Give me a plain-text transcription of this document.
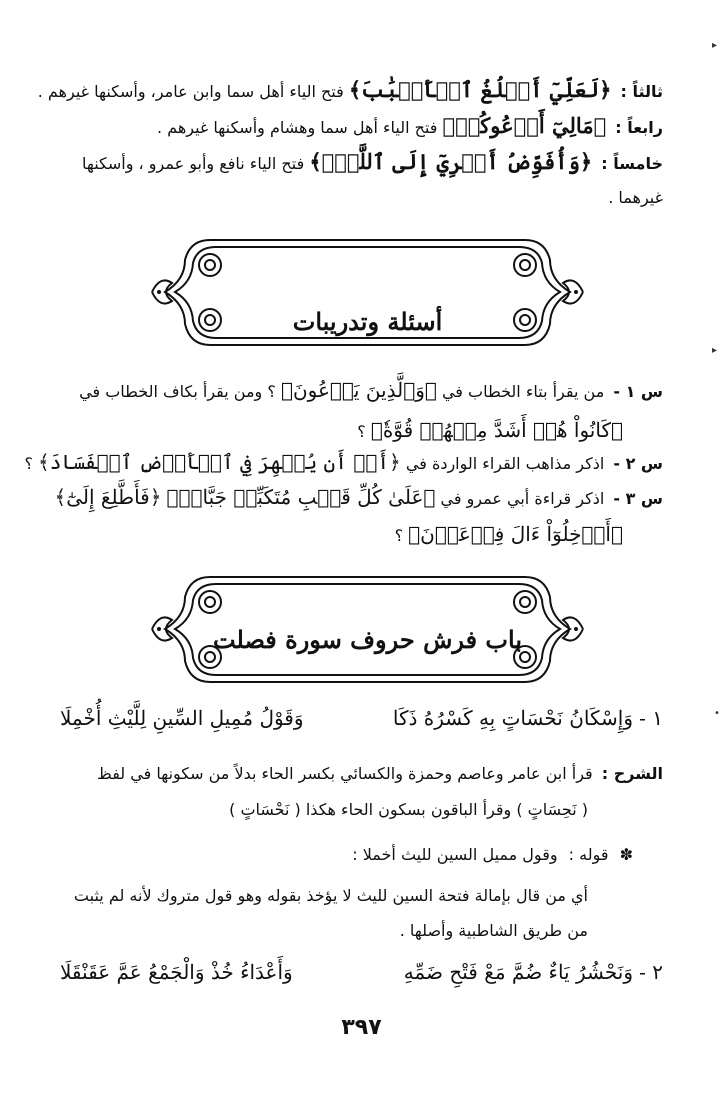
▸
▸
•
ثالثاً : ﴿لَعَلِّيٓ أَبۡلُغُ ٱلۡأَسۡبَٰبَ﴾ فتح الياء أهل سما وابن عامر، وأسكنها غيرهم .
رابعاً : ﴿مَالِيٓ أَدۡعُوكُمۡ﴾ فتح الياء أهل سما وهشام وأسكنها غيرهم .
خامساً : ﴿وَأُفَوِّضُ أَمۡرِيٓ إِلَى ٱللَّهِۚ﴾ فتح الياء نافع وأبو عمرو ، وأسكنها
غيرهما .
أسئلة وتدريبات
س ١ - من يقرأ بتاء الخطاب في ﴿وَٱلَّذِينَ يَدۡعُونَ﴾ ؟ ومن يقرأ بكاف الخطاب في
﴿كَانُواْ هُمۡ أَشَدَّ مِنۡهُمۡ قُوَّةٗ﴾ ؟
س ٢ - اذكر مذاهب القراء الواردة في ﴿أَوۡ أَن يُظۡهِرَ فِي ٱلۡأَرۡضِ ٱلۡفَسَادَ﴾ ؟
س ٣ - اذكر قراءة أبي عمرو في ﴿عَلَىٰ كُلِّ قَلۡبِ مُتَكَبِّرٖ جَبَّارٖ﴾ ﴿فَأَطَّلِعَ إِلَىٰٓ﴾
﴿أَدۡخِلُوٓاْ ءَالَ فِرۡعَوۡنَ﴾ ؟
باب فرش حروف سورة فصلت
١ -
وَإِسْكَانُ نَحْسَاتٍ بِهِ كَسْرُهُ ذَكَا
وَقَوْلُ مُمِيلِ السِّينِ لِلَّيْثِ أُخْمِلَا
الشرح : قرأ ابن عامر وعاصم وحمزة والكسائي بكسر الحاء بدلاً من سكونها في لفظ
( نَحِسَاتٍ ) وقرأ الباقون بسكون الحاء هكذا ( نَحْسَاتٍ )
✽ قوله : وقول مميل السين لليث أخملا :
أي من قال بإمالة فتحة السين لليث لا يؤخذ بقوله وهو قول متروك لأنه لم يثبت
من طريق الشاطبية وأصلها .
٢ -
وَنَحْشُرُ يَاءٌ ضُمَّ مَعْ فَتْحِ ضَمِّهِ
وَأَعْدَاءُ خُذْ وَالْجَمْعُ عَمَّ عَقَنْقَلَا
٣٩٧
